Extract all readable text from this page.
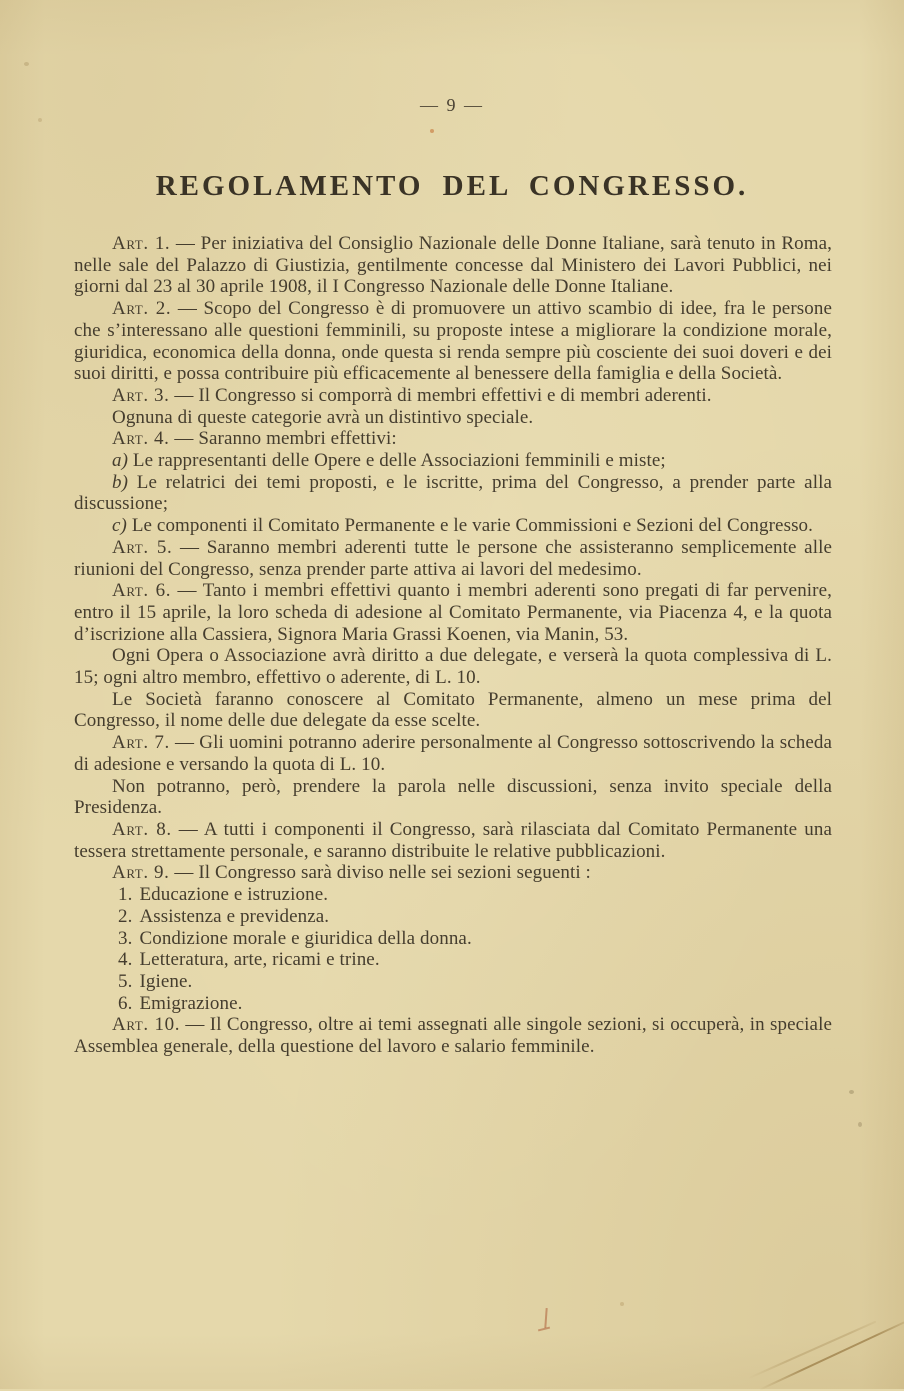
— 9 —
REGOLAMENTO DEL CONGRESSO.

Art. 1. — Per iniziativa del Consiglio Nazionale delle Donne Italiane, sarà tenuto in Roma, nelle sale del Palazzo di Giustizia, gentilmente concesse dal Ministero dei Lavori Pubblici, nei giorni dal 23 al 30 aprile 1908, il I Congresso Nazionale delle Donne Italiane.

Art. 2. — Scopo del Congresso è di promuovere un attivo scambio di idee, fra le persone che s’interessano alle questioni femminili, su proposte intese a migliorare la condizione morale, giuridica, economica della donna, onde questa si renda sempre più cosciente dei suoi doveri e dei suoi diritti, e possa contribuire più efficacemente al benessere della famiglia e della Società.

Art. 3. — Il Congresso si comporrà di membri effettivi e di membri aderenti.

Ognuna di queste categorie avrà un distintivo speciale.

Art. 4. — Saranno membri effettivi:

a) Le rappresentanti delle Opere e delle Associazioni femminili e miste;

b) Le relatrici dei temi proposti, e le iscritte, prima del Congresso, a prender parte alla discussione;

c) Le componenti il Comitato Permanente e le varie Commissioni e Sezioni del Congresso.

Art. 5. — Saranno membri aderenti tutte le persone che assisteranno semplicemente alle riunioni del Congresso, senza prender parte attiva ai lavori del medesimo.

Art. 6. — Tanto i membri effettivi quanto i membri aderenti sono pregati di far pervenire, entro il 15 aprile, la loro scheda di adesione al Comitato Permanente, via Piacenza 4, e la quota d’iscrizione alla Cassiera, Signora Maria Grassi Koenen, via Manin, 53.

Ogni Opera o Associazione avrà diritto a due delegate, e verserà la quota complessiva di L. 15; ogni altro membro, effettivo o aderente, di L. 10.

Le Società faranno conoscere al Comitato Permanente, almeno un mese prima del Congresso, il nome delle due delegate da esse scelte.

Art. 7. — Gli uomini potranno aderire personalmente al Congresso sottoscrivendo la scheda di adesione e versando la quota di L. 10.

Non potranno, però, prendere la parola nelle discussioni, senza invito speciale della Presidenza.

Art. 8. — A tutti i componenti il Congresso, sarà rilasciata dal Comitato Permanente una tessera strettamente personale, e saranno distribuite le relative pubblicazioni.

Art. 9. — Il Congresso sarà diviso nelle sei sezioni seguenti :

1. Educazione e istruzione.

2. Assistenza e previdenza.

3. Condizione morale e giuridica della donna.

4. Letteratura, arte, ricami e trine.

5. Igiene.

6. Emigrazione.

Art. 10. — Il Congresso, oltre ai temi assegnati alle singole sezioni, si occuperà, in speciale Assemblea generale, della questione del lavoro e salario femminile.
